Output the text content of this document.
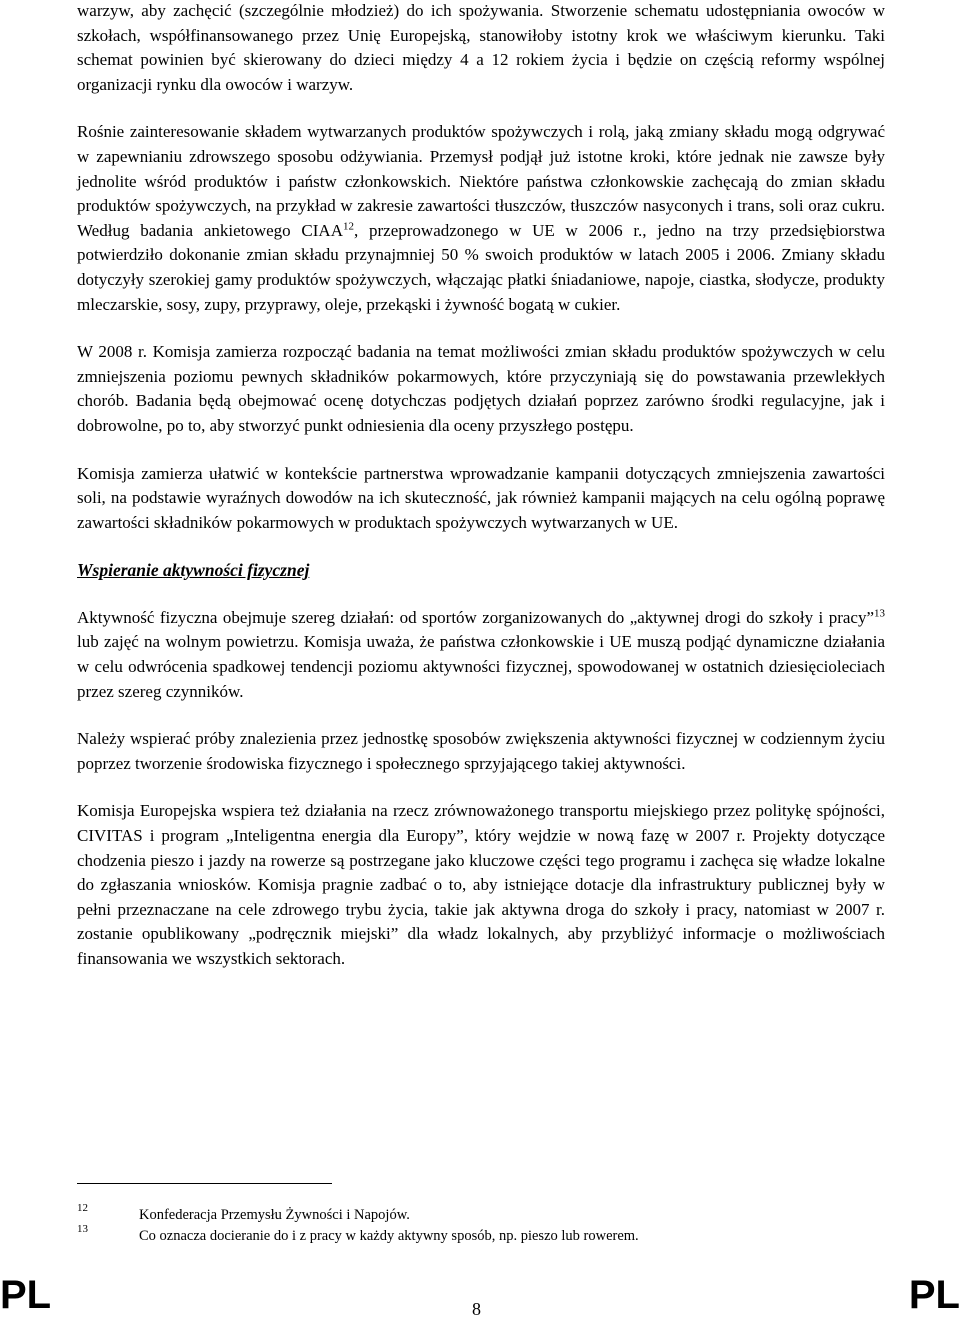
warzyw, aby zachęcić (szczególnie młodzież) do ich spożywania. Stworzenie schematu udostępniania owoców w szkołach, współfinansowanego przez Unię Europejską, stanowiłoby istotny krok we właściwym kierunku. Taki schemat powinien być skierowany do dzieci między 4 a 12 rokiem życia i będzie on częścią reformy wspólnej organizacji rynku dla owoców i warzyw.

Rośnie zainteresowanie składem wytwarzanych produktów spożywczych i rolą, jaką zmiany składu mogą odgrywać w zapewnianiu zdrowszego sposobu odżywiania. Przemysł podjął już istotne kroki, które jednak nie zawsze były jednolite wśród produktów i państw członkowskich. Niektóre państwa członkowskie zachęcają do zmian składu produktów spożywczych, na przykład w zakresie zawartości tłuszczów, tłuszczów nasyconych i trans, soli oraz cukru. Według badania ankietowego CIAA$^{12}$, przeprowadzonego w UE w 2006 r., jedno na trzy przedsiębiorstwa potwierdziło dokonanie zmian składu przynajmniej 50 % swoich produktów w latach 2005 i 2006. Zmiany składu dotyczyły szerokiej gamy produktów spożywczych, włączając płatki śniadaniowe, napoje, ciastka, słodycze, produkty mleczarskie, sosy, zupy, przyprawy, oleje, przekąski i żywność bogatą w cukier.

W 2008 r. Komisja zamierza rozpocząć badania na temat możliwości zmian składu produktów spożywczych w celu zmniejszenia poziomu pewnych składników pokarmowych, które przyczyniają się do powstawania przewlekłych chorób. Badania będą obejmować ocenę dotychczas podjętych działań poprzez zarówno środki regulacyjne, jak i dobrowolne, po to, aby stworzyć punkt odniesienia dla oceny przyszłego postępu.

Komisja zamierza ułatwić w kontekście partnerstwa wprowadzanie kampanii dotyczących zmniejszenia zawartości soli, na podstawie wyraźnych dowodów na ich skuteczność, jak również kampanii mających na celu ogólną poprawę zawartości składników pokarmowych w produktach spożywczych wytwarzanych w UE.

Wspieranie aktywności fizycznej

Aktywność fizyczna obejmuje szereg działań: od sportów zorganizowanych do „aktywnej drogi do szkoły i pracy”$^{13}$ lub zajęć na wolnym powietrzu. Komisja uważa, że państwa członkowskie i UE muszą podjąć dynamiczne działania w celu odwrócenia spadkowej tendencji poziomu aktywności fizycznej, spowodowanej w ostatnich dziesięcioleciach przez szereg czynników.

Należy wspierać próby znalezienia przez jednostkę sposobów zwiększenia aktywności fizycznej w codziennym życiu poprzez tworzenie środowiska fizycznego i społecznego sprzyjającego takiej aktywności.

Komisja Europejska wspiera też działania na rzecz zrównoważonego transportu miejskiego przez politykę spójności, CIVITAS i program „Inteligentna energia dla Europy”, który wejdzie w nową fazę w 2007 r. Projekty dotyczące chodzenia pieszo i jazdy na rowerze są postrzegane jako kluczowe części tego programu i zachęca się władze lokalne do zgłaszania wniosków. Komisja pragnie zadbać o to, aby istniejące dotacje dla infrastruktury publicznej były w pełni przeznaczane na cele zdrowego trybu życia, takie jak aktywna droga do szkoły i pracy, natomiast w 2007 r. zostanie opublikowany „podręcznik miejski” dla władz lokalnych, aby przybliżyć informacje o możliwościach finansowania we wszystkich sektorach.

12	Konfederacja Przemysłu Żywności i Napojów.
13	Co oznacza docieranie do i z pracy w każdy aktywny sposób, np. pieszo lub rowerem.
PL	8	PL
